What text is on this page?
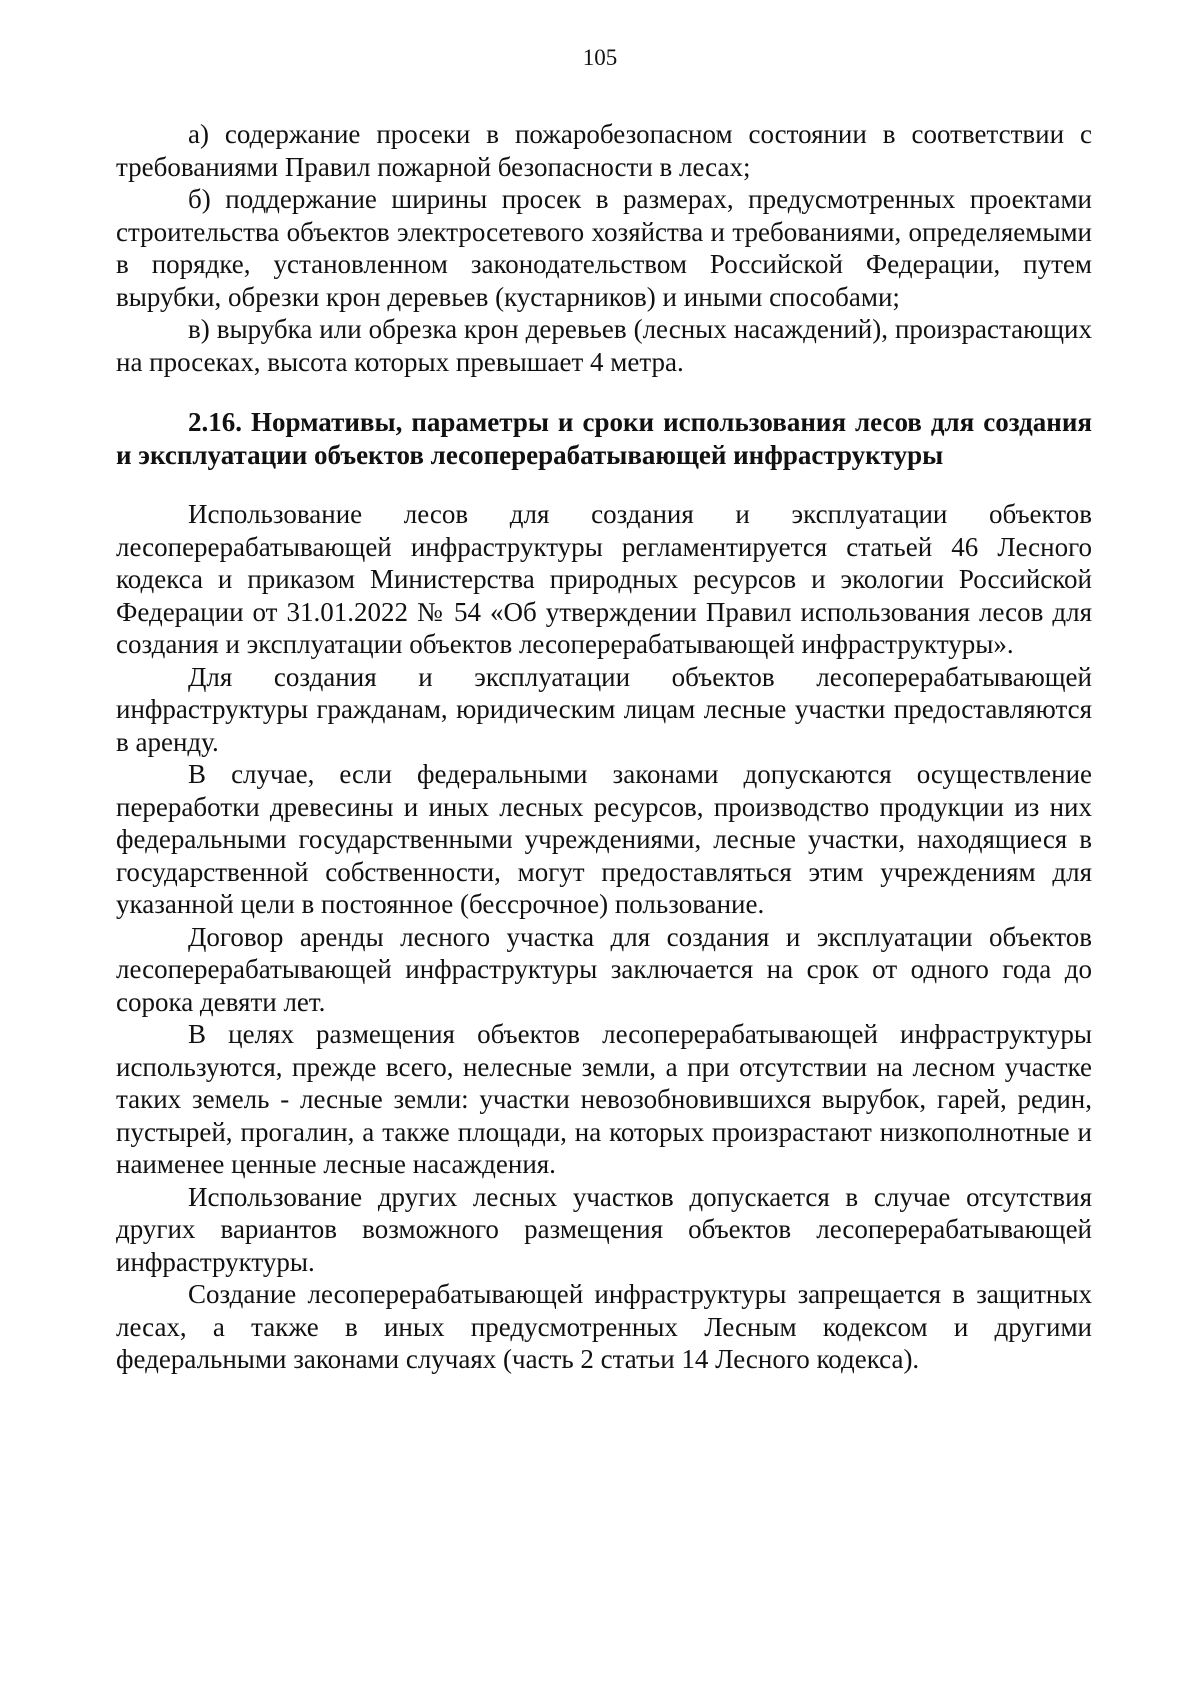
105

а) содержание просеки в пожаробезопасном состоянии в соответствии с требованиями Правил пожарной безопасности в лесах;

б) поддержание ширины просек в размерах, предусмотренных проектами строительства объектов электросетевого хозяйства и требованиями, определяемыми в порядке, установленном законодательством Российской Федерации, путем вырубки, обрезки крон деревьев (кустарников) и иными способами;

в) вырубка или обрезка крон деревьев (лесных насаждений), произрастающих на просеках, высота которых превышает 4 метра.

2.16. Нормативы, параметры и сроки использования лесов для создания и эксплуатации объектов лесоперерабатывающей инфраструктуры

Использование лесов для создания и эксплуатации объектов лесоперерабатывающей инфраструктуры регламентируется статьей 46 Лесного кодекса и приказом Министерства природных ресурсов и экологии Российской Федерации от 31.01.2022 № 54 «Об утверждении Правил использования лесов для создания и эксплуатации объектов лесоперерабатывающей инфраструктуры».

Для создания и эксплуатации объектов лесоперерабатывающей инфраструктуры гражданам, юридическим лицам лесные участки предоставляются в аренду.

В случае, если федеральными законами допускаются осуществление переработки древесины и иных лесных ресурсов, производство продукции из них федеральными государственными учреждениями, лесные участки, находящиеся в государственной собственности, могут предоставляться этим учреждениям для указанной цели в постоянное (бессрочное) пользование.

Договор аренды лесного участка для создания и эксплуатации объектов лесоперерабатывающей инфраструктуры заключается на срок от одного года до сорока девяти лет.

В целях размещения объектов лесоперерабатывающей инфраструктуры используются, прежде всего, нелесные земли, а при отсутствии на лесном участке таких земель - лесные земли: участки невозобновившихся вырубок, гарей, редин, пустырей, прогалин, а также площади, на которых произрастают низкополнотные и наименее ценные лесные насаждения.

Использование других лесных участков допускается в случае отсутствия других вариантов возможного размещения объектов лесоперерабатывающей инфраструктуры.

Создание лесоперерабатывающей инфраструктуры запрещается в защитных лесах, а также в иных предусмотренных Лесным кодексом и другими федеральными законами случаях (часть 2 статьи 14 Лесного кодекса).
